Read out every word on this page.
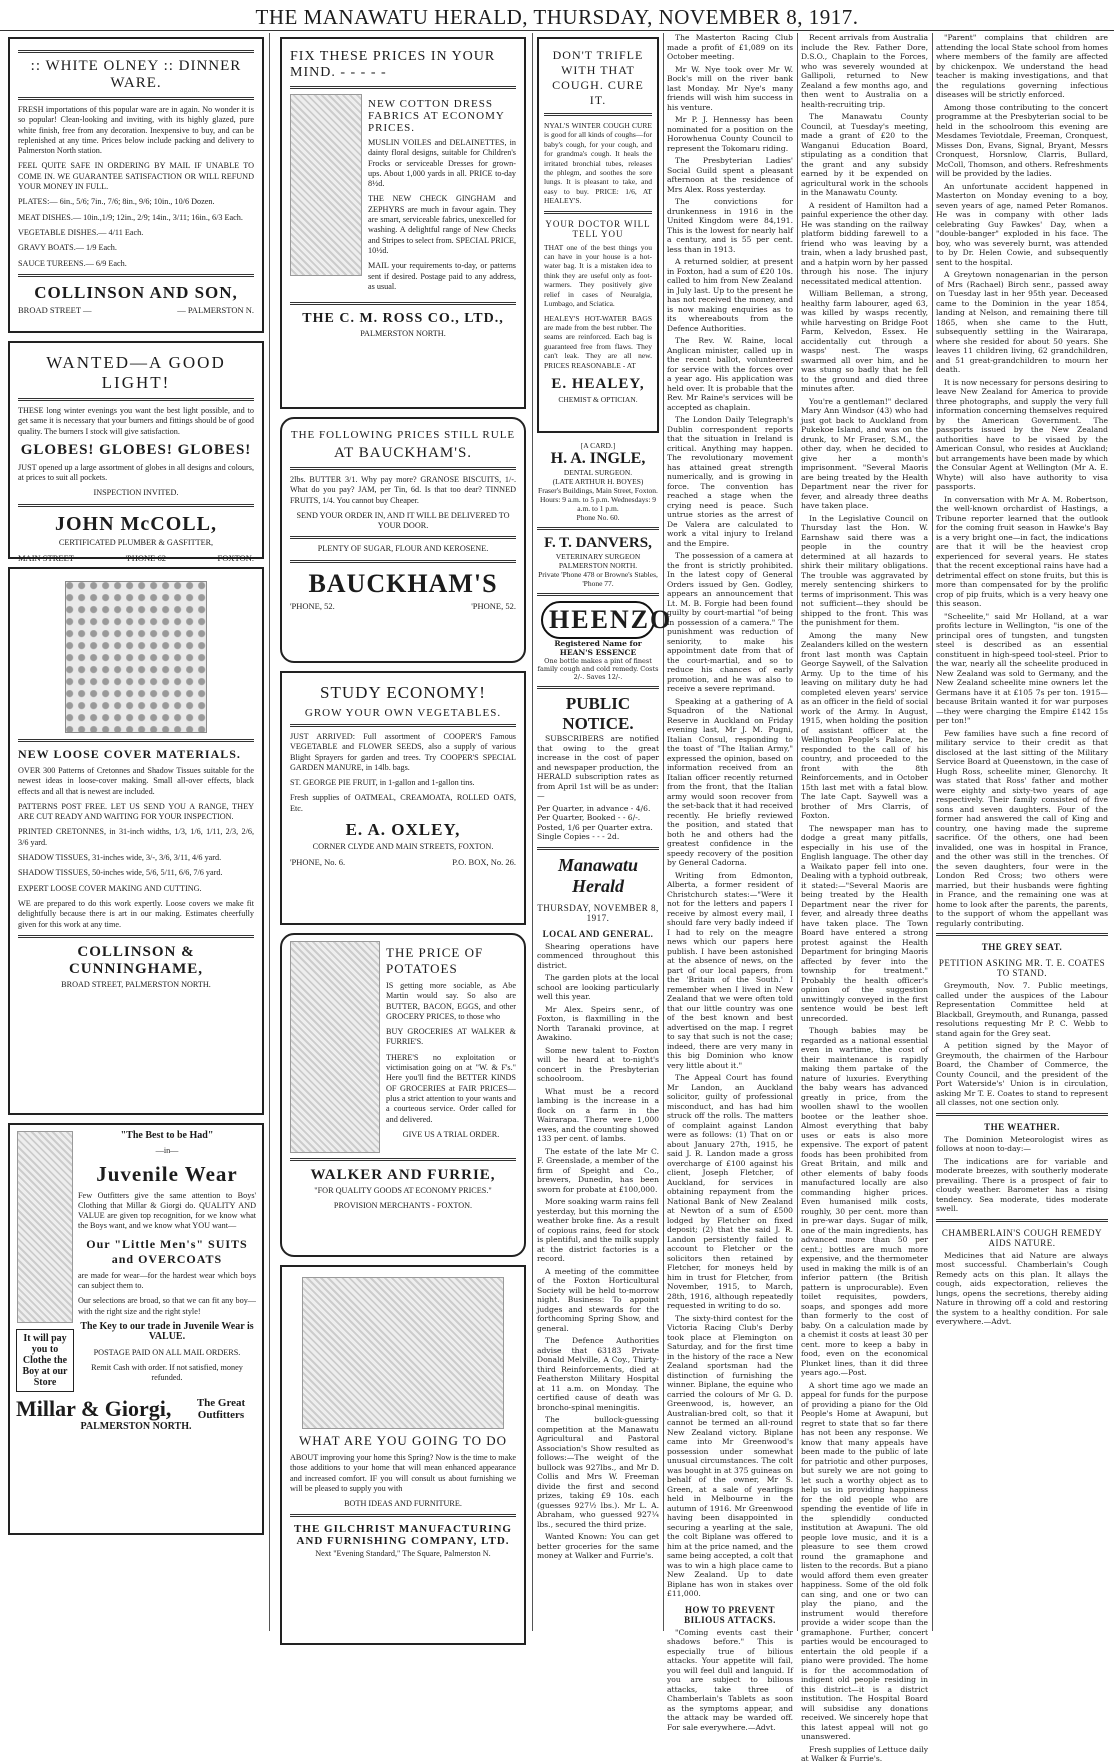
THE MANAWATU HERALD, THURSDAY, NOVEMBER 8, 1917.
:: WHITE OLNEY :: DINNER WARE.

FRESH importations of this popular ware are in again. No wonder it is so popular! Clean-looking and inviting, with its highly glazed, pure white finish, free from any decoration. Inexpensive to buy, and can be replenished at any time. Prices below include packing and delivery to Palmerston North station.

FEEL QUITE SAFE IN ORDERING BY MAIL IF UNABLE TO COME IN. WE GUARANTEE SATISFACTION OR WILL REFUND YOUR MONEY IN FULL.

PLATES:— 6in., 5/6; 7in., 7/6; 8in., 9/6; 10in., 10/6 Dozen.

MEAT DISHES.— 10in.,1/9; 12in., 2/9; 14in., 3/11; 16in., 6/3 Each.

VEGETABLE DISHES.— 4/11 Each.

GRAVY BOATS.— 1/9 Each.

SAUCE TUREENS.— 6/9 Each.

COLLINSON AND SON,
BROAD STREET —	— PALMERSTON N.
WANTED—A GOOD LIGHT!

THESE long winter evenings you want the best light possible, and to get same it is necessary that your burners and fittings should be of good quality. The burners I stock will give satisfaction.

GLOBES! GLOBES! GLOBES!

JUST opened up a large assortment of globes in all designs and colours, at prices to suit all pockets.

INSPECTION INVITED.

JOHN McCOLL,

CERTIFICATED PLUMBER & GASFITTER,

MAIN STREET	'PHONE 62	FOXTON.
NEW LOOSE COVER MATERIALS.

OVER 300 Patterns of Cretonnes and Shadow Tissues suitable for the newest ideas in loose-cover making. Small all-over effects, black effects and all that is newest are included.

PATTERNS POST FREE. LET US SEND YOU A RANGE, THEY ARE CUT READY AND WAITING FOR YOUR INSPECTION.

PRINTED CRETONNES, in 31-inch widths, 1/3, 1/6, 1/11, 2/3, 2/6, 3/6 yard.

SHADOW TISSUES, 31-inches wide, 3/-, 3/6, 3/11, 4/6 yard.

SHADOW TISSUES, 50-inches wide, 5/6, 5/11, 6/6, 7/6 yard.

EXPERT LOOSE COVER MAKING AND CUTTING.

WE are prepared to do this work expertly. Loose covers we make fit delightfully because there is art in our making. Estimates cheerfully given for this work at any time.

COLLINSON & CUNNINGHAME,

BROAD STREET, PALMERSTON NORTH.

It will pay you to Clothe the Boy at our Store

"The Best to be Had"

—in—

Juvenile Wear

Few Outfitters give the same attention to Boys' Clothing that Millar & Giorgi do. QUALITY AND VALUE are given top recognition, for we know what the Boys want, and we know what YOU want—

Our "Little Men's" SUITS and OVERCOATS

are made for wear—for the hardest wear which boys can subject them to.

Our selections are broad, so that we can fit any boy—with the right size and the right style!

The Key to our trade in Juvenile Wear is VALUE.

POSTAGE PAID ON ALL MAIL ORDERS.

Remit Cash with order. If not satisfied, money refunded.

Millar & Giorgi,	The Great Outfitters

PALMERSTON NORTH.

FIX THESE PRICES IN YOUR MIND. - - - - -
NEW COTTON DRESS FABRICS AT ECONOMY PRICES.

MUSLIN VOILES and DELAINETTES, in dainty floral designs, suitable for Children's Frocks or serviceable Dresses for grown-ups. About 1,000 yards in all. PRICE to-day 8½d.

THE NEW CHECK GINGHAM and ZEPHYRS are much in favour again. They are smart, serviceable fabrics, unexcelled for washing. A delightful range of New Checks and Stripes to select from. SPECIAL PRICE, 10½d.

MAIL your requirements to-day, or patterns sent if desired. Postage paid to any address, as usual.

THE C. M. ROSS CO., LTD.,

PALMERSTON NORTH.

THE FOLLOWING PRICES STILL RULE
AT BAUCKHAM'S.

2lbs. BUTTER 3/1. Why pay more? GRANOSE BISCUITS, 1/-. What do you pay? JAM, per Tin, 6d. Is that too dear? TINNED FRUITS, 1/4. You cannot buy Cheaper.

SEND YOUR ORDER IN, AND IT WILL BE DELIVERED TO YOUR DOOR.

PLENTY OF SUGAR, FLOUR AND KEROSENE.

BAUCKHAM'S
'PHONE, 52.	'PHONE, 52.
STUDY ECONOMY!
GROW YOUR OWN VEGETABLES.

JUST ARRIVED: Full assortment of COOPER'S Famous VEGETABLE and FLOWER SEEDS, also a supply of various Blight Sprayers for garden and trees. Try COOPER'S SPECIAL GARDEN MANURE, in 14lb. bags.

ST. GEORGE PIE FRUIT, in 1-gallon and 1-gallon tins.

Fresh supplies of OATMEAL, CREAMOATA, ROLLED OATS, Etc.

E. A. OXLEY,

CORNER CLYDE AND MAIN STREETS, FOXTON.

'PHONE, No. 6.	P.O. BOX, No. 26.
THE PRICE OF POTATOES

IS getting more sociable, as Abe Martin would say. So also are BUTTER, BACON, EGGS, and other GROCERY PRICES, to those who

BUY GROCERIES AT WALKER & FURRIE'S.

THERE'S no exploitation or victimisation going on at "W. & F's." Here you'll find the BETTER KINDS OF GROCERIES at FAIR PRICES—plus a strict attention to your wants and a courteous service. Order called for and delivered.

GIVE US A TRIAL ORDER.

WALKER AND FURRIE,

"FOR QUALITY GOODS AT ECONOMY PRICES."

PROVISION MERCHANTS - FOXTON.

WHAT ARE YOU GOING TO DO

ABOUT improving your home this Spring? Now is the time to make those additions to your home that will mean enhanced appearance and increased comfort. IF you will consult us about furnishing we will be pleased to supply you with

BOTH IDEAS AND FURNITURE.

THE GILCHRIST MANUFACTURING AND FURNISHING COMPANY, LTD.

Next "Evening Standard," The Square, Palmerston N.

DON'T TRIFLE WITH THAT COUGH. CURE IT.

NYAL'S WINTER COUGH CURE is good for all kinds of coughs—for baby's cough, for your cough, and for grandma's cough. It heals the irritated bronchial tubes, releases the phlegm, and soothes the sore lungs. It is pleasant to take, and easy to buy. PRICE: 1/6, AT HEALEY'S.

YOUR DOCTOR WILL TELL YOU

THAT one of the best things you can have in your house is a hot-water bag. It is a mistaken idea to think they are useful only as foot-warmers. They positively give relief in cases of Neuralgia, Lumbago, and Sciatica.

HEALEY'S HOT-WATER BAGS are made from the best rubber. The seams are reinforced. Each bag is guaranteed free from flaws. They can't leak. They are all new. PRICES REASONABLE - AT

E. HEALEY,

CHEMIST & OPTICIAN.

[A CARD.]
H. A. INGLE,
DENTAL SURGEON.
(LATE ARTHUR H. BOYES)
Fraser's Buildings, Main Street, Foxton.
Hours: 9 a.m. to 5 p.m. Wednesdays: 9 a.m. to 1 p.m.
Phone No. 60.
F. T. DANVERS,
VETERINARY SURGEON
PALMERSTON NORTH.
Private 'Phone 478 or Browne's Stables, 'Phone 77.
HEENZO
Registered Name for HEAN'S ESSENCE
One bottle makes a pint of finest family cough and cold remedy. Costs 2/-. Saves 12/-.
PUBLIC NOTICE.

SUBSCRIBERS are notified that owing to the great increase in the cost of paper and newspaper production, the HERALD subscription rates as from April 1st will be as under:—

Per Quarter, in advance - 4/6.
Per Quarter, Booked - - 6/-.
Posted, 1/6 per Quarter extra.
Single Copies - - - 2d.
Manawatu Herald
THURSDAY, NOVEMBER 8, 1917.
LOCAL AND GENERAL.

Shearing operations have commenced throughout this district.

The garden plots at the local school are looking particularly well this year.

Mr Alex. Speirs senr., of Foxton, is flaxmilling in the North Taranaki province, at Awakino.

Some new talent to Foxton will be heard at to-night's concert in the Presbyterian schoolroom.

What must be a record lambing is the increase in a flock on a farm in the Wairarapa. There were 1,000 ewes, and the counting showed 133 per cent. of lambs.

The estate of the late Mr C. F. Greenslade, a member of the firm of Speight and Co., brewers, Dunedin, has been sworn for probate at £100,000.

More soaking warm rains fell yesterday, but this morning the weather broke fine. As a result of copious rains, feed for stock is plentiful, and the milk supply at the district factories is a record.

A meeting of the committee of the Foxton Horticultural Society will be held to-morrow night. Business: To appoint judges and stewards for the forthcoming Spring Show, and general.

The Defence Authorities advise that 63183 Private Donald Melville, A Coy., Thirty-third Reinforcements, died at Featherston Military Hospital at 11 a.m. on Monday. The certified cause of death was broncho-spinal meningitis.

The bullock-guessing competition at the Manawatu Agricultural and Pastoral Association's Show resulted as follows:—The weight of the bullock was 927lbs., and Mr D. Collis and Mrs W. Freeman divide the first and second prizes, taking £9 10s. each (guesses 927½ lbs.). Mr L. A. Abraham, who guessed 927¼ lbs., secured the third prize.

Wanted Known: You can get better groceries for the same money at Walker and Furrie's.

The Masterton Racing Club made a profit of £1,089 on its October meeting.

Mr W. Nye took over Mr W. Bock's mill on the river bank last Monday. Mr Nye's many friends will wish him success in his venture.

Mr P. J. Hennessy has been nominated for a position on the Horowhenua County Council to represent the Tokomaru riding.

The Presbyterian Ladies' Social Guild spent a pleasant afternoon at the residence of Mrs Alex. Ross yesterday.

The convictions for drunkenness in 1916 in the United Kingdom were 84,191. This is the lowest for nearly half a century, and is 55 per cent. less than in 1913.

A returned soldier, at present in Foxton, had a sum of £20 10s. called to him from New Zealand in July last. Up to the present he has not received the money, and is now making enquiries as to its whereabouts from the Defence Authorities.

The Rev. W. Raine, local Anglican minister, called up in the recent ballot, volunteered for service with the forces over a year ago. His application was held over. It is probable that the Rev. Mr Raine's services will be accepted as chaplain.

The London Daily Telegraph's Dublin correspondent reports that the situation in Ireland is critical. Anything may happen. The revolutionary movement has attained great strength numerically, and is growing in force. The convention has reached a stage when the crying need is peace. Such untrue stories as the arrest of De Valera are calculated to work a vital injury to Ireland and the Empire.

The possession of a camera at the front is strictly prohibited. In the latest copy of General Orders issued by Gen. Godley, appears an announcement that Lt. M. B. Forgie had been found guilty by court-martial "of being in possession of a camera." The punishment was reduction of seniority, to make his appointment date from that of the court-martial, and so to reduce his chances of early promotion, and he was also to receive a severe reprimand.

Speaking at a gathering of A Squadron of the National Reserve in Auckland on Friday evening last, Mr J. M. Pugni, Italian Consul, responding to the toast of "The Italian Army," expressed the opinion, based on information received from an Italian officer recently returned from the front, that the Italian army would soon recover from the set-back that it had received recently. He briefly reviewed the position, and stated that both he and others had the greatest confidence in the speedy recovery of the position by General Cadorna.

Writing from Edmonton, Alberta, a former resident of Christchurch states:—"Were it not for the letters and papers I receive by almost every mail, I should fare very badly indeed if I had to rely on the meagre news which our papers here publish. I have been astonished at the absence of news, on the part of our local papers, from the 'Britain of the South.' I remember when I lived in New Zealand that we were often told that our little country was one of the best known and best advertised on the map. I regret to say that such is not the case; indeed, there are very many in this big Dominion who know very little about it."

The Appeal Court has found Mr Landon, an Auckland solicitor, guilty of professional misconduct, and has had him struck off the rolls. The matters of complaint against Landon were as follows: (1) That on or about January 27th, 1915, he said J. R. Landon made a gross overcharge of £100 against his client, Joseph Fletcher, of Auckland, for services in obtaining repayment from the National Bank of New Zealand at Newton of a sum of £500 lodged by Fletcher on fixed deposit; (2) that the said J. R. Landon persistently failed to account to Fletcher or the solicitors then retained by Fletcher, for moneys held by him in trust for Fletcher, from November, 1915, to March, 28th, 1916, although repeatedly requested in writing to do so.

The sixty-third contest for the Victoria Racing Club's Derby took place at Flemington on Saturday, and for the first time in the history of the race a New Zealand sportsman had the distinction of furnishing the winner. Biplane, the equine who carried the colours of Mr G. D. Greenwood, is, however, an Australian-bred colt, so that it cannot be termed an all-round New Zealand victory. Biplane came into Mr Greenwood's possession under somewhat unusual circumstances. The colt was bought in at 375 guineas on behalf of the owner, Mr S. Green, at a sale of yearlings held in Melbourne in the autumn of 1916. Mr Greenwood having been disappointed in securing a yearling at the sale, the colt Biplane was offered to him at the price named, and the same being accepted, a colt that was to win a high place came to New Zealand. Up to date Biplane has won in stakes over £11,000.

HOW TO PREVENT BILIOUS ATTACKS.

"Coming events cast their shadows before." This is especially true of bilious attacks. Your appetite will fail, you will feel dull and languid. If you are subject to bilious attacks, take three of Chamberlain's Tablets as soon as the symptoms appear, and the attack may be warded off. For sale everywhere.—Advt.

Recent arrivals from Australia include the Rev. Father Dore, D.S.O., Chaplain to the Forces, who was severely wounded at Gallipoli, returned to New Zealand a few months ago, and then went to Australia on a health-recruiting trip.

The Manawatu County Council, at Tuesday's meeting, made a grant of £20 to the Wanganui Education Board, stipulating as a condition that the grant and any subsidy earned by it be expended on agricultural work in the schools in the Manawatu County.

A resident of Hamilton had a painful experience the other day. He was standing on the railway platform bidding farewell to a friend who was leaving by a train, when a lady brushed past, and a hatpin worn by her passed through his nose. The injury necessitated medical attention.

William Belleman, a strong, healthy farm labourer, aged 63, was killed by wasps recently, while harvesting on Bridge Foot Farm, Kelvedon, Essex. He accidentally cut through a wasps' nest. The wasps swarmed all over him, and he was stung so badly that he fell to the ground and died three minutes after.

You're a gentleman!" declared Mary Ann Windsor (43) who had just got back to Auckland from Pukekoe Island, and was on the drunk, to Mr Fraser, S.M., the other day, when he decided to give her a month's imprisonment. "Several Maoris are being treated by the Health Department near the river for fever, and already three deaths have taken place.

In the Legislative Council on Thursday last the Hon. W. Earnshaw said there was a people in the country determined at all hazards to shirk their military obligations. The trouble was aggravated by merely sentencing shirkers to terms of imprisonment. This was not sufficient—they should be shipped to the front. This was the punishment for them.

Among the many New Zealanders killed on the western front last month was Captain George Saywell, of the Salvation Army. Up to the time of his leaving on military duty he had completed eleven years' service as an officer in the field of social work of the Army. In August, 1915, when holding the position of assistant officer at the Wellington People's Palace, he responded to the call of his country, and proceeded to the front with the 8th Reinforcements, and in October 15th last met with a fatal blow. The late Capt. Saywell was a brother of Mrs Clarris, of Foxton.

The newspaper man has to dodge a great many pitfalls, especially in his use of the English language. The other day a Waikato paper fell into one. Dealing with a typhoid outbreak, it stated:—"Several Maoris are being treated by the Health Department near the river for fever, and already three deaths have taken place. The Town Board have entered a strong protest against the Health Department for bringing Maoris affected by fever into the township for treatment." Probably the health officer's opinion of the suggestion unwittingly conveyed in the first sentence would be best left unrecorded.

Though babies may be regarded as a national essential even in wartime, the cost of their maintenance is rapidly making them partake of the nature of luxuries. Everything the baby wears has advanced greatly in price, from the woollen shawl to the woollen bootee or the leather shoe. Almost everything that baby uses or eats is also more expensive. The export of patent foods has been prohibited from Great Britain, and milk and other elements of baby foods manufactured locally are also commanding higher prices. Even humanised milk costs, roughly, 30 per cent. more than in pre-war days. Sugar of milk, one of the main ingredients, has advanced more than 50 per cent.; bottles are much more expensive, and the thermometer used in making the milk is of an inferior pattern (the British pattern is unprocurable). Even toilet requisites, powders, soaps, and sponges add more than formerly to the cost of baby. On a calculation made by a chemist it costs at least 30 per cent. more to keep a baby in food, even on the economical Plunket lines, than it did three years ago.—Post.

A short time ago we made an appeal for funds for the purpose of providing a piano for the Old People's Home at Awapuni, but regret to state that so far there has not been any response. We know that many appeals have been made to the public of late for patriotic and other purposes, but surely we are not going to let such a worthy object as to help us in providing happiness for the old people who are spending the eventide of life in the splendidly conducted institution at Awapuni. The old people love music, and it is a pleasure to see them crowd round the gramaphone and listen to the records. But a piano would afford them even greater happiness. Some of the old folk can sing, and one or two can play the piano, and the instrument would therefore provide a wider scope than the gramaphone. Further, concert parties would be encouraged to entertain the old people if a piano were provided. The home is for the accommodation of indigent old people residing in this district—it is a district institution. The Hospital Board will subsidise any donations received. We sincerely hope that this latest appeal will not go unanswered.

Fresh supplies of Lettuce daily at Walker & Furrie's.

"Parent" complains that children are attending the local State school from homes where members of the family are affected by chickenpox. We understand the head teacher is making investigations, and that the regulations governing infectious diseases will be strictly enforced.

Among those contributing to the concert programme at the Presbyterian social to be held in the schoolroom this evening are Mesdames Teviotdale, Freeman, Cronquest, Misses Don, Evans, Signal, Bryant, Messrs Cronquest, Horsnlow, Clarris, Bullard, McColl, Thomson, and others. Refreshments will be provided by the ladies.

An unfortunate accident happened in Masterton on Monday evening to a boy, seven years of age, named Peter Romanos. He was in company with other lads celebrating Guy Fawkes' Day, when a "double-banger" exploded in his face. The boy, who was severely burnt, was attended to by Dr. Helen Cowie, and subsequently sent to the hospital.

A Greytown nonagenarian in the person of Mrs (Rachael) Birch senr., passed away on Tuesday last in her 95th year. Deceased came to the Dominion in the year 1854, landing at Nelson, and remaining there till 1865, when she came to the Hutt, subsequently settling in the Wairarapa, where she resided for about 50 years. She leaves 11 children living, 62 grandchildren, and 51 great-grandchildren to mourn her death.

It is now necessary for persons desiring to leave New Zealand for America to provide three photographs, and supply the very full information concerning themselves required by the American Government. The passports issued by the New Zealand authorities have to be visaed by the American Consul, who resides at Auckland; but arrangements have been made by which the Consular Agent at Wellington (Mr A. E. Whyte) will also have authority to visa passports.

In conversation with Mr A. M. Robertson, the well-known orchardist of Hastings, a Tribune reporter learned that the outlook for the coming fruit season in Hawke's Bay is a very bright one—in fact, the indications are that it will be the heaviest crop experienced for several years. He states that the recent exceptional rains have had a detrimental effect on stone fruits, but this is more than compensated for by the prolific crop of pip fruits, which is a very heavy one this season.

"Scheelite," said Mr Holland, at a war profits lecture in Wellington, "is one of the principal ores of tungsten, and tungsten steel is described as an essential constituent in high-speed tool-steel. Prior to the war, nearly all the scheelite produced in New Zealand was sold to Germany, and the New Zealand scheelite mine owners let the Germans have it at £105 7s per ton. 1915—because Britain wanted it for war purposes—they were charging the Empire £142 15s per ton!"

Few families have such a fine record of military service to their credit as that disclosed at the last sitting of the Military Service Board at Queenstown, in the case of Hugh Ross, scheelite miner, Glenorchy. It was stated that Ross' father and mother were eighty and sixty-two years of age respectively. Their family consisted of five sons and seven daughters. Four of the former had answered the call of King and country, one having made the supreme sacrifice. Of the others, one had been invalided, one was in hospital in France, and the other was still in the trenches. Of the seven daughters, four were in the London Red Cross; two others were married, but their husbands were fighting in France, and the remaining one was at home to look after the parents, the parents, to the support of whom the appellant was regularly contributing.

THE GREY SEAT.
PETITION ASKING MR. T. E. COATES TO STAND.

Greymouth, Nov. 7. Public meetings, called under the auspices of the Labour Representation Committee held at Blackball, Greymouth, and Runanga, passed resolutions requesting Mr P. C. Webb to stand again for the Grey seat.

A petition signed by the Mayor of Greymouth, the chairmen of the Harbour Board, the Chamber of Commerce, the County Council, and the president of the Port Waterside's' Union is in circulation, asking Mr T. E. Coates to stand to represent all classes, not one section only.

THE WEATHER.

The Dominion Meteorologist wires as follows at noon to-day:—

The indications are for variable and moderate breezes, with southerly moderate prevailing. There is a prospect of fair to cloudy weather. Barometer has a rising tendency. Sea moderate, tides moderate swell.

CHAMBERLAIN'S COUGH REMEDY AIDS NATURE.

Medicines that aid Nature are always most successful. Chamberlain's Cough Remedy acts on this plan. It allays the cough, aids expectoration, relieves the lungs, opens the secretions, thereby aiding Nature in throwing off a cold and restoring the system to a healthy condition. For sale everywhere.—Advt.
